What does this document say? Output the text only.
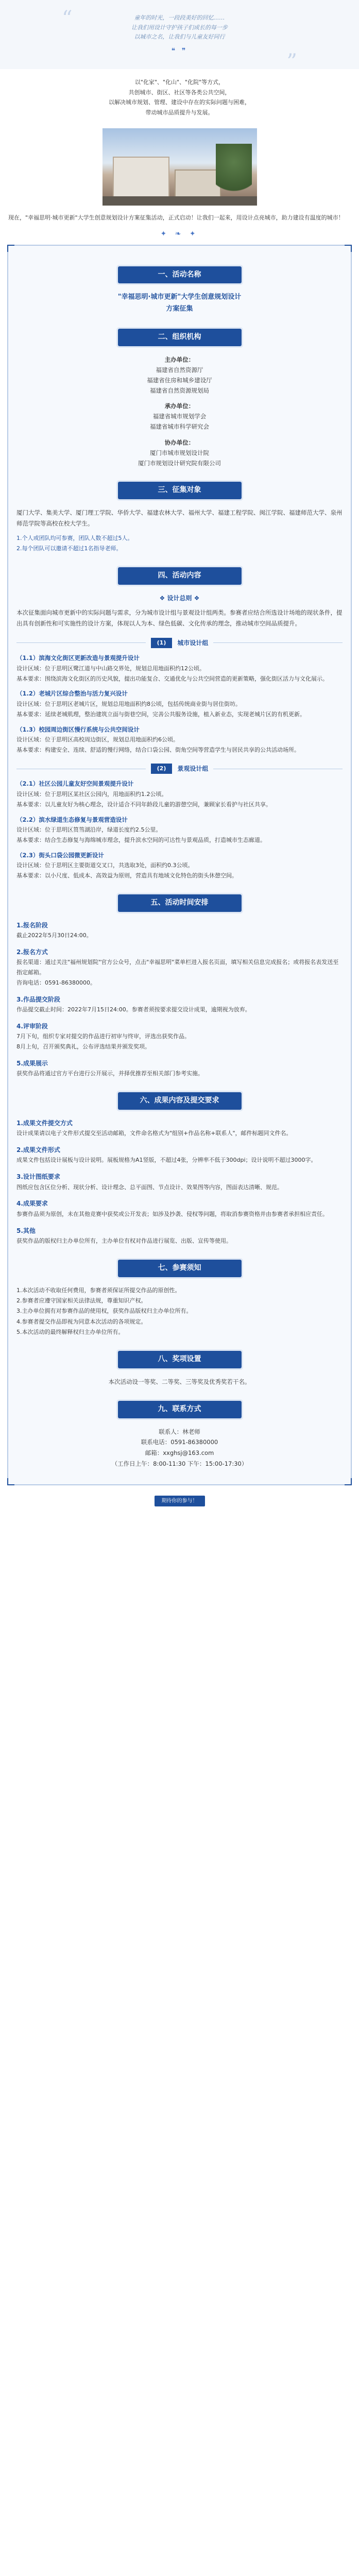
“
”
童年的时光，一段段美好的回忆……
让我们用设计守护孩子们成长的每一步
以城市之名，让我们与儿童友好同行
❝ ❞
以"化家"、"化山"、"化院"等方式，
共创城市、街区、社区等各类公共空间，
以解决城市规划、管理、建设中存在的实际问题与困难，
带动城市品质提升与发展。
现在，"幸福思明·城市更新"大学生创意规划设计方案征集活动，正式启动！让我们一起来，用设计点亮城市，助力建设有温度的城市！
✦ ❧ ✦
一、活动名称
"幸福思明·城市更新"大学生创意规划设计
方案征集
二、组织机构
主办单位：
福建省自然资源厅
福建省住房和城乡建设厅
福建省自然资源规划局
承办单位：
福建省城市规划学会
福建省城市科学研究会
协办单位：
厦门市城市规划设计院
厦门市规划设计研究院有限公司
三、征集对象

厦门大学、集美大学、厦门理工学院、华侨大学、福建农林大学、福州大学、福建工程学院、闽江学院、福建师范大学、泉州师范学院等高校在校大学生。

1.个人或团队均可参赛，团队人数不超过5人。
2.每个团队可以邀请不超过1名指导老师。
四、活动内容
❖ 设计总则 ❖

本次征集面向城市更新中的实际问题与需求，分为城市设计组与景观设计组两类。参赛者应结合所选设计场地的现状条件，提出具有创新性和可实施性的设计方案，体现以人为本、绿色低碳、文化传承的理念，推动城市空间品质提升。

(1)	城市设计组
（1.1）滨海文化街区更新改造与景观提升设计
设计区域：位于思明区鹭江道与中山路交界处，规划总用地面积约12公顷。
基本要求：围绕滨海文化街区的历史风貌，提出功能复合、交通优化与公共空间营造的更新策略，强化街区活力与文化展示。
（1.2）老城片区综合整治与活力复兴设计
设计区域：位于思明区老城片区，规划总用地面积约8公顷，包括传统商业街与居住街坊。
基本要求：延续老城肌理，整治建筑立面与街巷空间，完善公共服务设施，植入新业态，实现老城片区的有机更新。
（1.3）校园周边街区慢行系统与公共空间设计
设计区域：位于思明区高校周边街区，规划总用地面积约6公顷。
基本要求：构建安全、连续、舒适的慢行网络，结合口袋公园、街角空间等营造学生与居民共享的公共活动场所。
(2)	景观设计组
（2.1）社区公园儿童友好空间景观提升设计
设计区域：位于思明区某社区公园内，用地面积约1.2公顷。
基本要求：以儿童友好为核心理念，设计适合不同年龄段儿童的游憩空间，兼顾家长看护与社区共享。
（2.2）滨水绿道生态修复与景观营造设计
设计区域：位于思明区筼筜湖沿岸，绿道长度约2.5公里。
基本要求：结合生态修复与海绵城市理念，提升滨水空间的可达性与景观品质，打造城市生态廊道。
（2.3）街头口袋公园微更新设计
设计区域：位于思明区主要街道交叉口，共选取3处，面积约0.3公顷。
基本要求：以小尺度、低成本、高效益为原则，营造具有地域文化特色的街头休憩空间。
五、活动时间安排
1.报名阶段
截止2022年5月30日24:00。
2.报名方式
报名渠道：通过关注"福州规划院"官方公众号，点击"幸福思明"菜单栏进入报名页面，填写相关信息完成报名；或将报名表发送至指定邮箱。
咨询电话：0591-86380000。
3.作品提交阶段
作品提交截止时间：2022年7月15日24:00。参赛者须按要求提交设计成果，逾期视为放弃。
4.评审阶段
7月下旬，组织专家对提交的作品进行初审与终审，评选出获奖作品。
8月上旬，召开颁奖典礼，公布评选结果并颁发奖项。
5.成果展示
获奖作品将通过官方平台进行公开展示，并择优推荐至相关部门参考实施。
六、成果内容及提交要求
1.成果文件提交方式
设计成果请以电子文件形式提交至活动邮箱，文件命名格式为"组别+作品名称+联系人"，邮件标题同文件名。
2.成果文件形式
成果文件包括设计展板与设计说明。展板规格为A1竖版，不超过4张，分辨率不低于300dpi；设计说明不超过3000字。
3.设计图纸要求
图纸应包含区位分析、现状分析、设计理念、总平面图、节点设计、效果图等内容，图面表达清晰、规范。
4.成果要求
参赛作品须为原创，未在其他竞赛中获奖或公开发表；如涉及抄袭、侵权等问题，将取消参赛资格并由参赛者承担相应责任。
5.其他
获奖作品的版权归主办单位所有，主办单位有权对作品进行展览、出版、宣传等使用。
七、参赛须知
1.本次活动不收取任何费用，参赛者须保证所提交作品的原创性。
2.参赛者应遵守国家相关法律法规，尊重知识产权。
3.主办单位拥有对参赛作品的使用权，获奖作品版权归主办单位所有。
4.参赛者提交作品即视为同意本次活动的各项规定。
5.本次活动的最终解释权归主办单位所有。
八、奖项设置
本次活动设一等奖、二等奖、三等奖及优秀奖若干名。
九、联系方式
联系人：林老师
联系电话：0591-86380000
邮箱：xxghsj@163.com
（工作日上午：8:00-11:30 下午：15:00-17:30）
期待你的参与！
